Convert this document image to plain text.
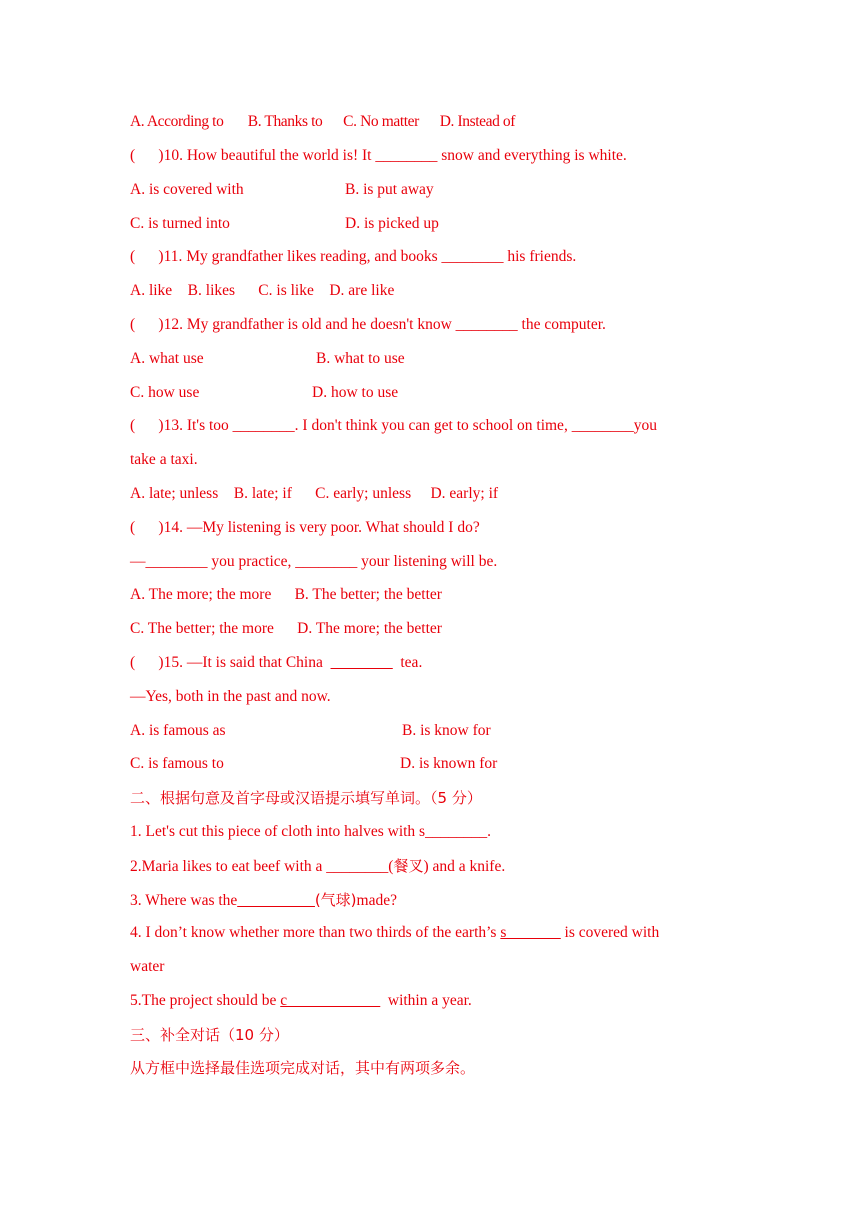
A. According to       B. Thanks to      C. No matter      D. Instead of
(      )10. How beautiful the world is! It ________ snow and everything is white.
A. is covered with	B. is put away
C. is turned into	D. is picked up
(      )11. My grandfather likes reading, and books ________ his friends.
A. like    B. likes      C. is like    D. are like
(      )12. My grandfather is old and he doesn't know ________ the computer.
A. what use	B. what to use
C. how use	D. how to use
(      )13. It's too ________. I don't think you can get to school on time, ________you
take a taxi.
A. late; unless    B. late; if      C. early; unless     D. early; if
(      )14. —My listening is very poor. What should I do?
—________ you practice, ________ your listening will be.
A. The more; the more      B. The better; the better
C. The better; the more      D. The more; the better
(      )15. —It is said that China  ________  tea.
—Yes, both in the past and now.
A. is famous as	B. is know for
C. is famous to	D. is known for
二、根据句意及首字母或汉语提示填写单词。（5 分）
1. Let's cut this piece of cloth into halves with s________.
2.Maria likes to eat beef with a ________(餐叉) and a knife.
3. Where was the__________(气球)made?
4. I don’t know whether more than two thirds of the earth’s s_______ is covered with
water
5.The project should be c____________  within a year.
三、补全对话（10 分）
从方框中选择最佳选项完成对话，其中有两项多余。
